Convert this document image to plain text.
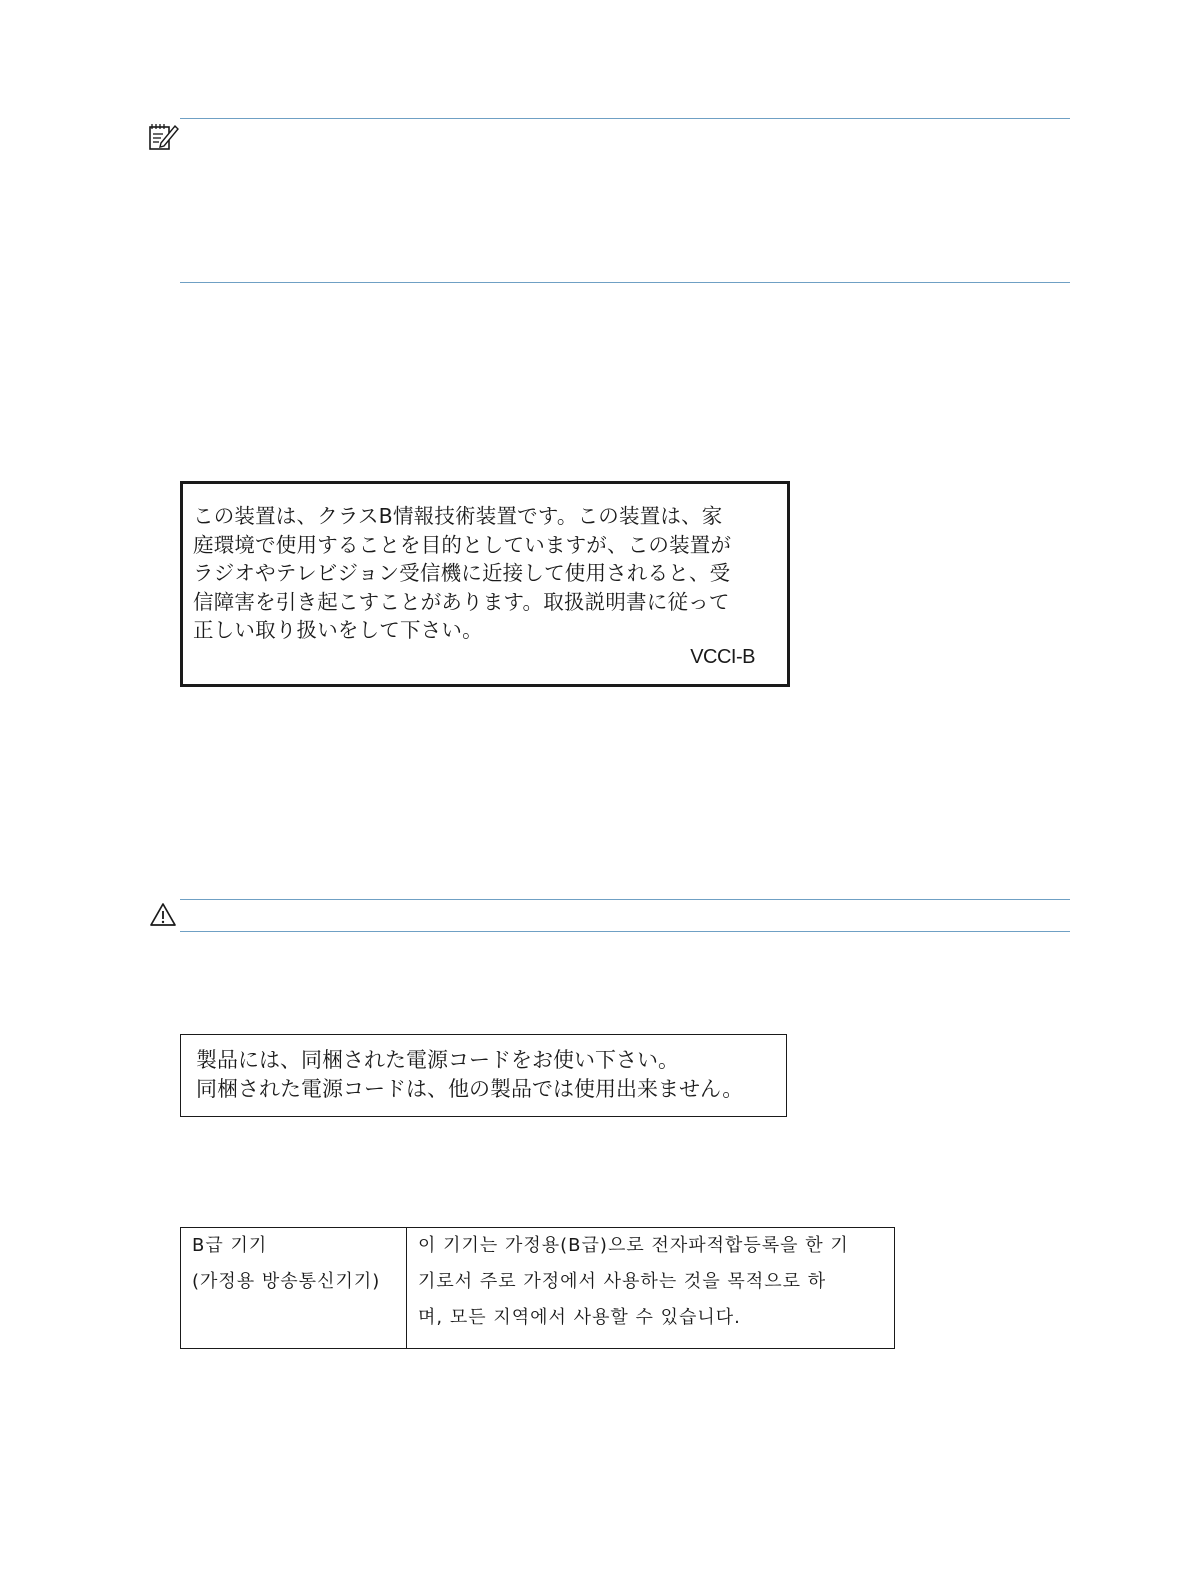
この装置は、クラスB情報技術装置です。この装置は、家
庭環境で使用することを目的としていますが、この装置が
ラジオやテレビジョン受信機に近接して使用されると、受
信障害を引き起こすことがあります。取扱説明書に従って
正しい取り扱いをして下さい。
VCCI-B
製品には、同梱された電源コードをお使い下さい。
同梱された電源コードは、他の製品では使用出来ません。
B급 기기
(가정용 방송통신기기)

이 기기는 가정용(B급)으로 전자파적합등록을 한 기
기로서 주로 가정에서 사용하는 것을 목적으로 하
며, 모든 지역에서 사용할 수 있습니다.
